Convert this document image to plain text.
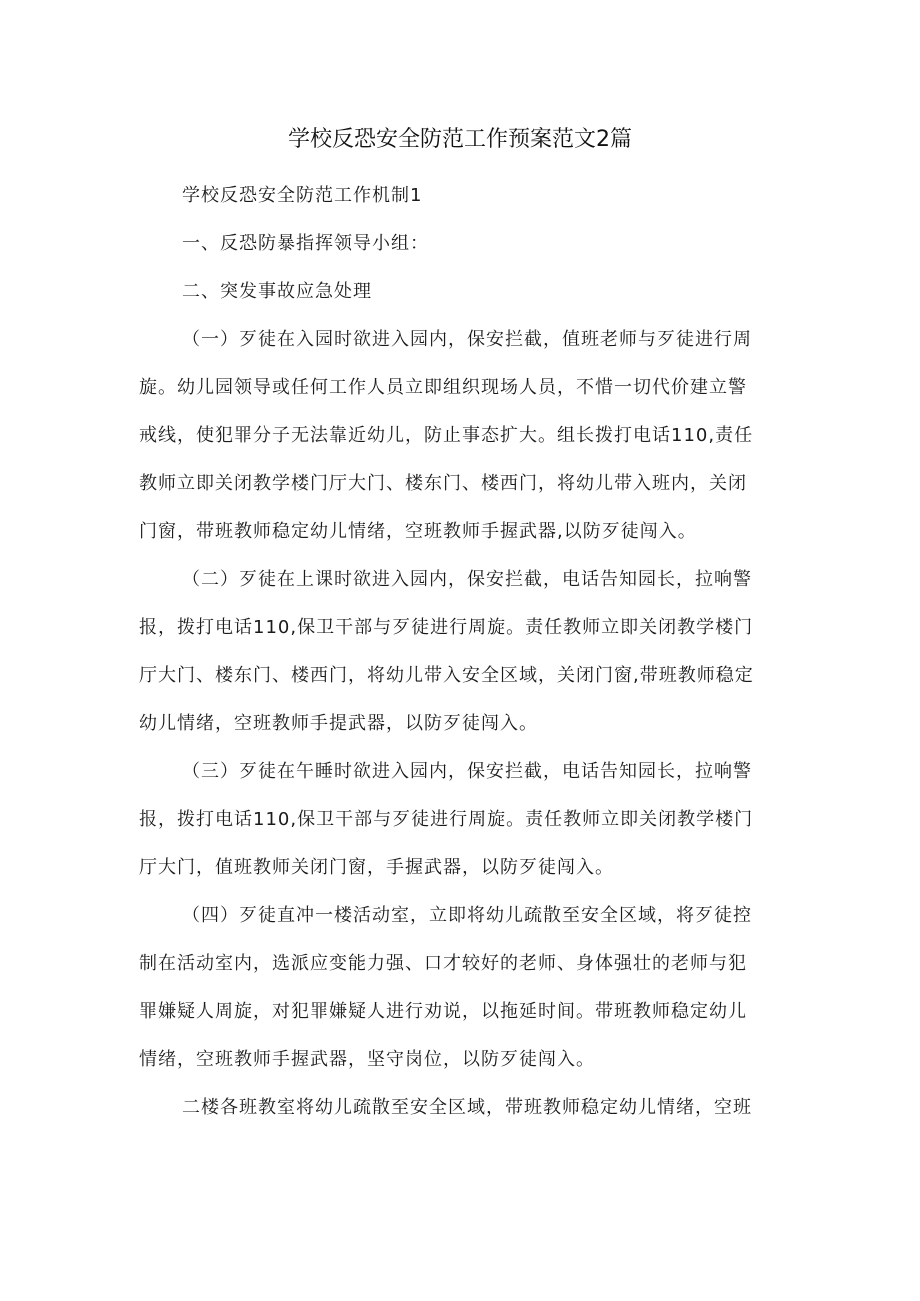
学校反恐安全防范工作预案范文2篇
学校反恐安全防范工作机制1
一、反恐防暴指挥领导小组：
二、突发事故应急处理
（一）歹徒在入园时欲进入园内，保安拦截，值班老师与歹徒进行周
旋。幼儿园领导或任何工作人员立即组织现场人员，不惜一切代价建立警
戒线，使犯罪分子无法靠近幼儿，防止事态扩大。组长拨打电话110,责任
教师立即关闭教学楼门厅大门、楼东门、楼西门，将幼儿带入班内，关闭
门窗，带班教师稳定幼儿情绪，空班教师手握武器,以防歹徒闯入。
（二）歹徒在上课时欲进入园内，保安拦截，电话告知园长，拉响警
报，拨打电话110,保卫干部与歹徒进行周旋。责任教师立即关闭教学楼门
厅大门、楼东门、楼西门，将幼儿带入安全区域，关闭门窗,带班教师稳定
幼儿情绪，空班教师手提武器，以防歹徒闯入。
（三）歹徒在午睡时欲进入园内，保安拦截，电话告知园长，拉响警
报，拨打电话110,保卫干部与歹徒进行周旋。责任教师立即关闭教学楼门
厅大门，值班教师关闭门窗，手握武器，以防歹徒闯入。
（四）歹徒直冲一楼活动室，立即将幼儿疏散至安全区域，将歹徒控
制在活动室内，选派应变能力强、口才较好的老师、身体强壮的老师与犯
罪嫌疑人周旋，对犯罪嫌疑人进行劝说，以拖延时间。带班教师稳定幼儿
情绪，空班教师手握武器，坚守岗位，以防歹徒闯入。
二楼各班教室将幼儿疏散至安全区域，带班教师稳定幼儿情绪，空班
